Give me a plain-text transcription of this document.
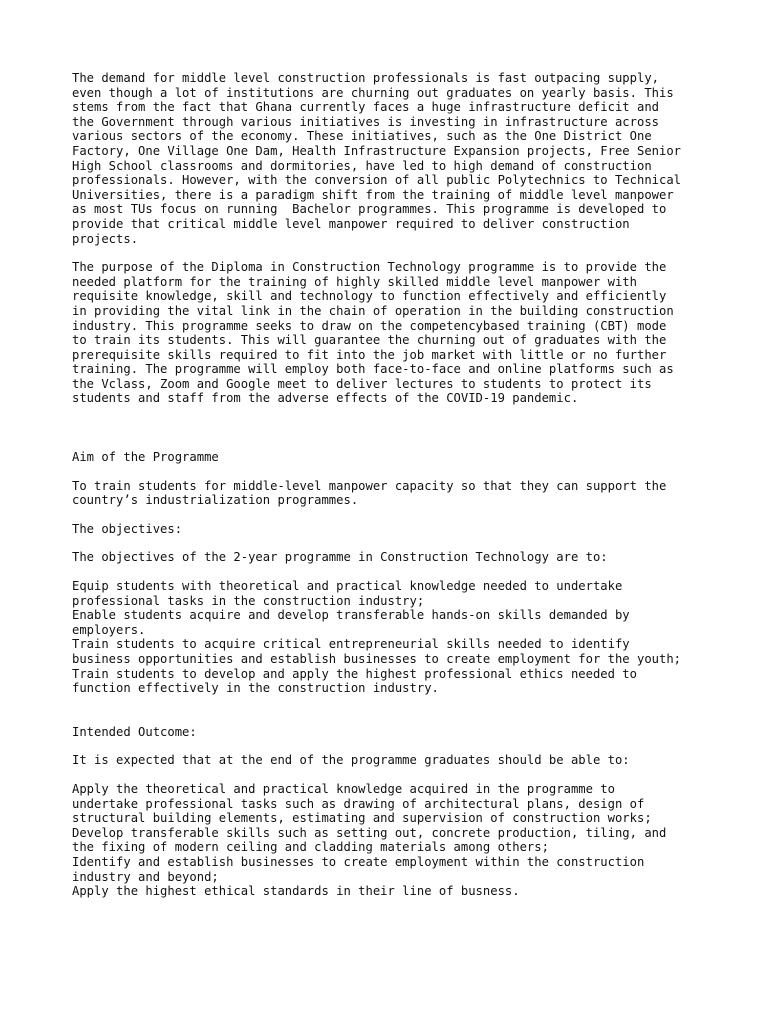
The demand for middle level construction professionals is fast outpacing supply,
even though a lot of institutions are churning out graduates on yearly basis. This
stems from the fact that Ghana currently faces a huge infrastructure deficit and
the Government through various initiatives is investing in infrastructure across
various sectors of the economy. These initiatives, such as the One District One
Factory, One Village One Dam, Health Infrastructure Expansion projects, Free Senior
High School classrooms and dormitories, have led to high demand of construction
professionals. However, with the conversion of all public Polytechnics to Technical
Universities, there is a paradigm shift from the training of middle level manpower
as most TUs focus on running  Bachelor programmes. This programme is developed to
provide that critical middle level manpower required to deliver construction
projects.

The purpose of the Diploma in Construction Technology programme is to provide the
needed platform for the training of highly skilled middle level manpower with
requisite knowledge, skill and technology to function effectively and efficiently
in providing the vital link in the chain of operation in the building construction
industry. This programme seeks to draw on the competencybased training (CBT) mode
to train its students. This will guarantee the churning out of graduates with the
prerequisite skills required to fit into the job market with little or no further
training. The programme will employ both face-to-face and online platforms such as
the Vclass, Zoom and Google meet to deliver lectures to students to protect its
students and staff from the adverse effects of the COVID-19 pandemic.

Aim of the Programme

To train students for middle-level manpower capacity so that they can support the
country’s industrialization programmes.

The objectives:

The objectives of the 2-year programme in Construction Technology are to:

Equip students with theoretical and practical knowledge needed to undertake
professional tasks in the construction industry;

Enable students acquire and develop transferable hands-on skills demanded by
employers.

Train students to acquire critical entrepreneurial skills needed to identify
business opportunities and establish businesses to create employment for the youth;

Train students to develop and apply the highest professional ethics needed to
function effectively in the construction industry.

Intended Outcome:

It is expected that at the end of the programme graduates should be able to:

Apply the theoretical and practical knowledge acquired in the programme to
undertake professional tasks such as drawing of architectural plans, design of
structural building elements, estimating and supervision of construction works;

Develop transferable skills such as setting out, concrete production, tiling, and
the fixing of modern ceiling and cladding materials among others;

Identify and establish businesses to create employment within the construction
industry and beyond;

Apply the highest ethical standards in their line of busness.
